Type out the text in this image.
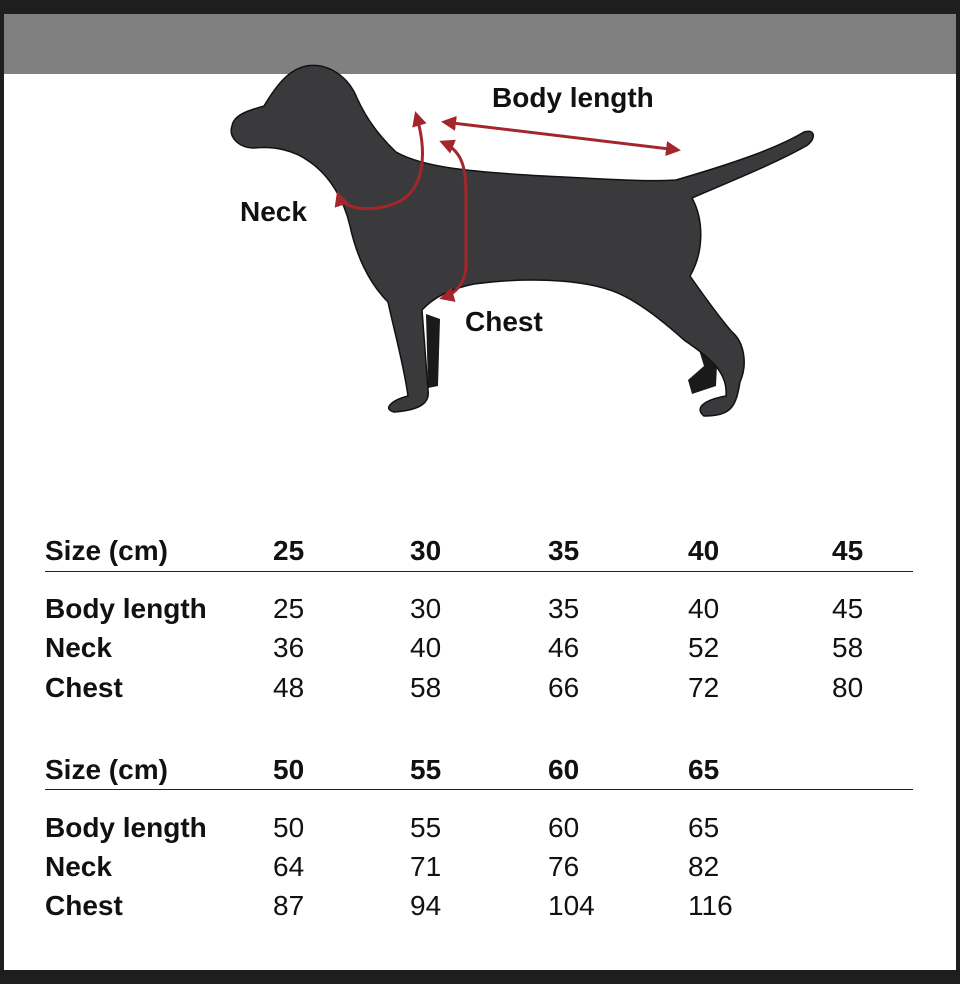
Body length
Neck
Chest
Size (cm)	25	30	35	40	45
Body length 25	30	35	40	45
Neck	36	40	46	52	58
Chest	48	58	66	72	80
Size (cm)	50	55	60	65
Body length 50	55	60	65
Neck	64	71	76	82
Chest	87	94	104	116
